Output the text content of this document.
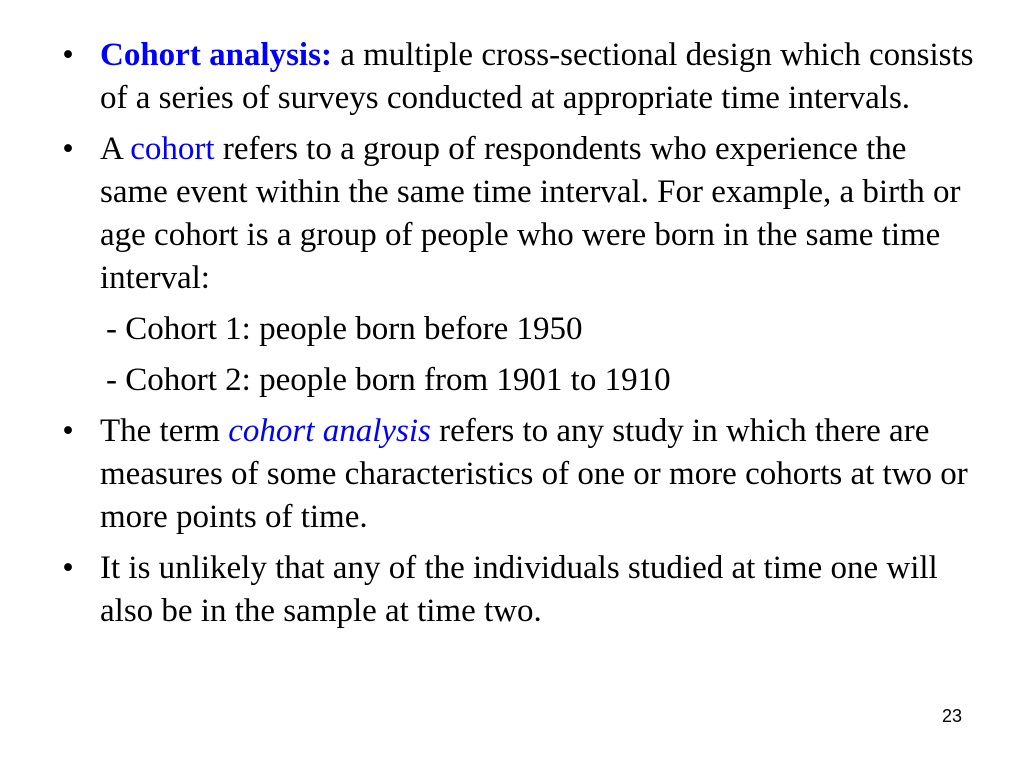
• Cohort analysis: a multiple cross-sectional design which consists of a series of surveys conducted at appropriate time intervals.
• A cohort refers to a group of respondents who experience the same event within the same time interval. For example, a birth or age cohort is a group of people who were born in the same time interval:
- Cohort 1: people born before 1950
- Cohort 2: people born from 1901 to 1910
• The term cohort analysis refers to any study in which there are measures of some characteristics of one or more cohorts at two or more points of time.
• It is unlikely that any of the individuals studied at time one will also be in the sample at time two.
23
